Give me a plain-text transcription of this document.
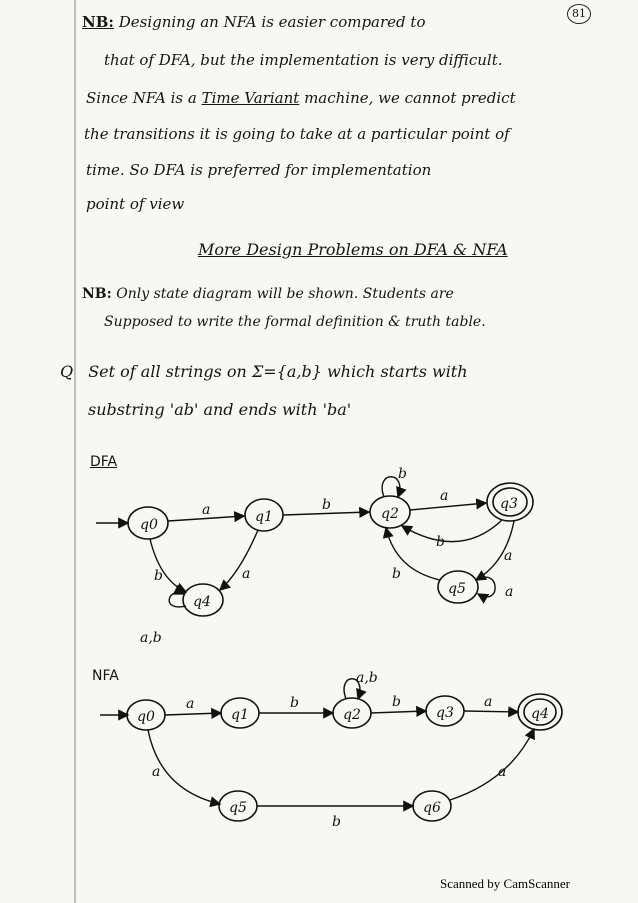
81
NB: Designing an NFA is easier compared to
that of DFA, but the implementation is very difficult.
Since NFA is a Time Variant machine, we cannot predict
the transitions it is going to take at a particular point of
time. So DFA is preferred for implementation
point of view
More Design Problems on DFA & NFA
NB: Only state diagram will be shown. Students are
Supposed to write the formal definition & truth table.
Q Set of all strings on Σ={a,b} which starts with
substring 'ab' and ends with 'ba'
DFA
q0	q1	q2
q3
q4
q5
a	b
b
a
b
a
a
b
b	a
a,b
NFA
q0	q1	q2	q3	q4
q5	q6
a	b
a,b
b	a
a
b
a
Scanned by CamScanner
